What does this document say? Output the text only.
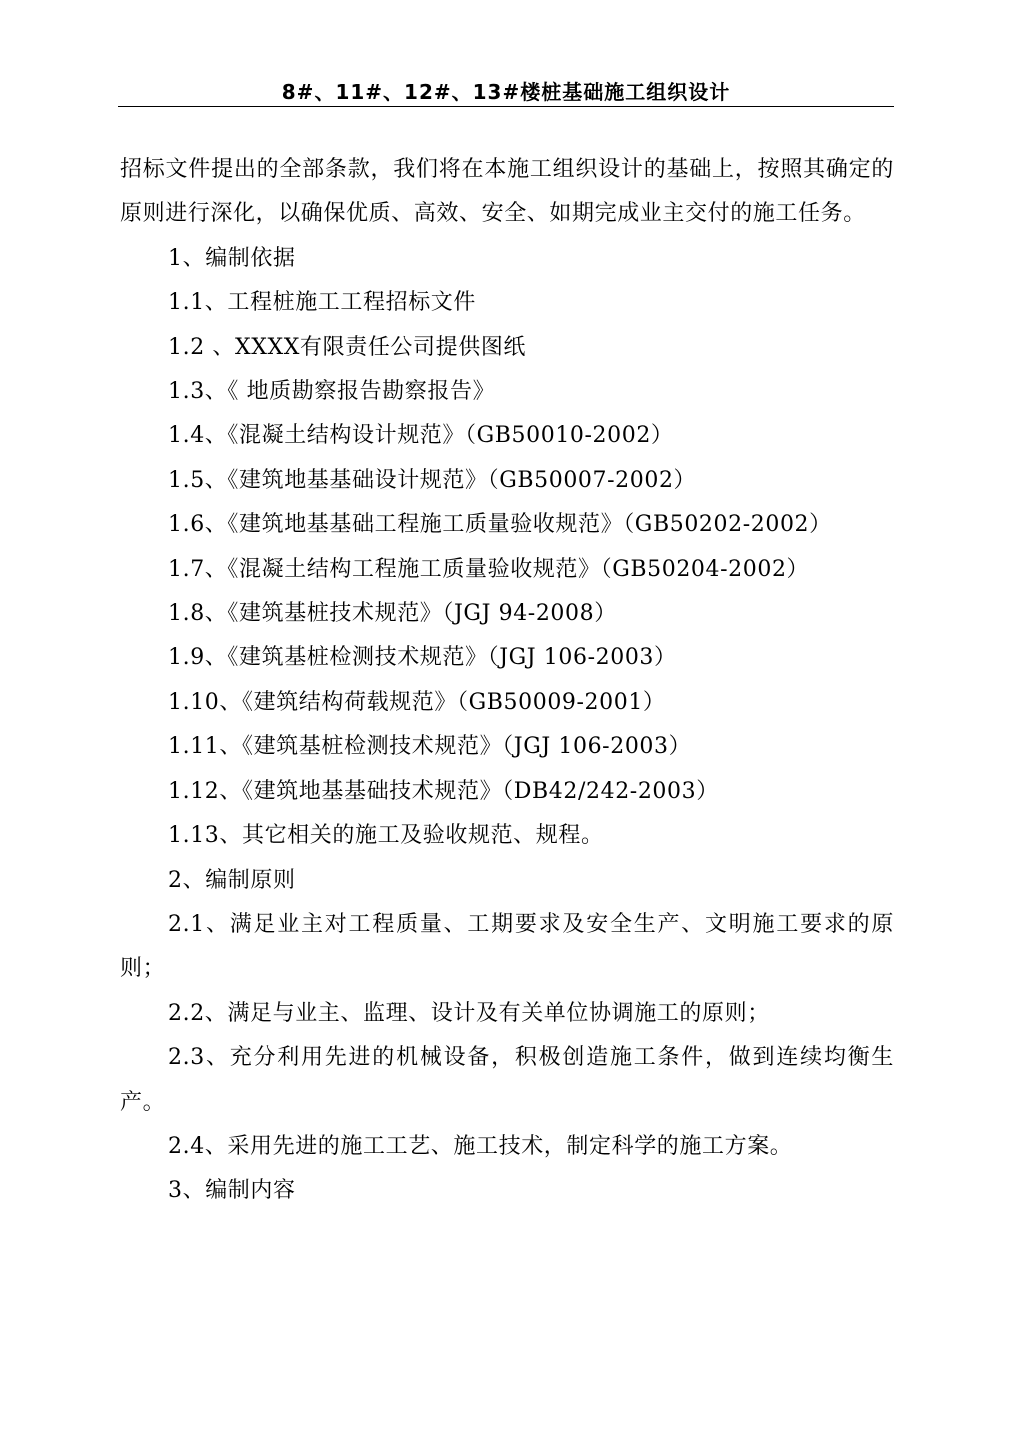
8#、11#、12#、13#楼桩基础施工组织设计

招标文件提出的全部条款，我们将在本施工组织设计的基础上，按照其确定的原则进行深化，以确保优质、高效、安全、如期完成业主交付的施工任务。

1、编制依据

1.1、工程桩施工工程招标文件

1.2 、XXXX有限责任公司提供图纸

1.3、《 地质勘察报告勘察报告》

1.4、《混凝土结构设计规范》（GB50010-2002）

1.5、《建筑地基基础设计规范》（GB50007-2002）

1.6、《建筑地基基础工程施工质量验收规范》（GB50202-2002）

1.7、《混凝土结构工程施工质量验收规范》（GB50204-2002）

1.8、《建筑基桩技术规范》（JGJ 94-2008）

1.9、《建筑基桩检测技术规范》（JGJ 106-2003）

1.10、《建筑结构荷载规范》（GB50009-2001）

1.11、《建筑基桩检测技术规范》（JGJ 106-2003）

1.12、《建筑地基基础技术规范》（DB42/242-2003）

1.13、其它相关的施工及验收规范、规程。

2、编制原则

2.1、满足业主对工程质量、工期要求及安全生产、文明施工要求的原则；

2.2、满足与业主、监理、设计及有关单位协调施工的原则；

2.3、充分利用先进的机械设备，积极创造施工条件，做到连续均衡生产。

2.4、采用先进的施工工艺、施工技术，制定科学的施工方案。

3、编制内容
